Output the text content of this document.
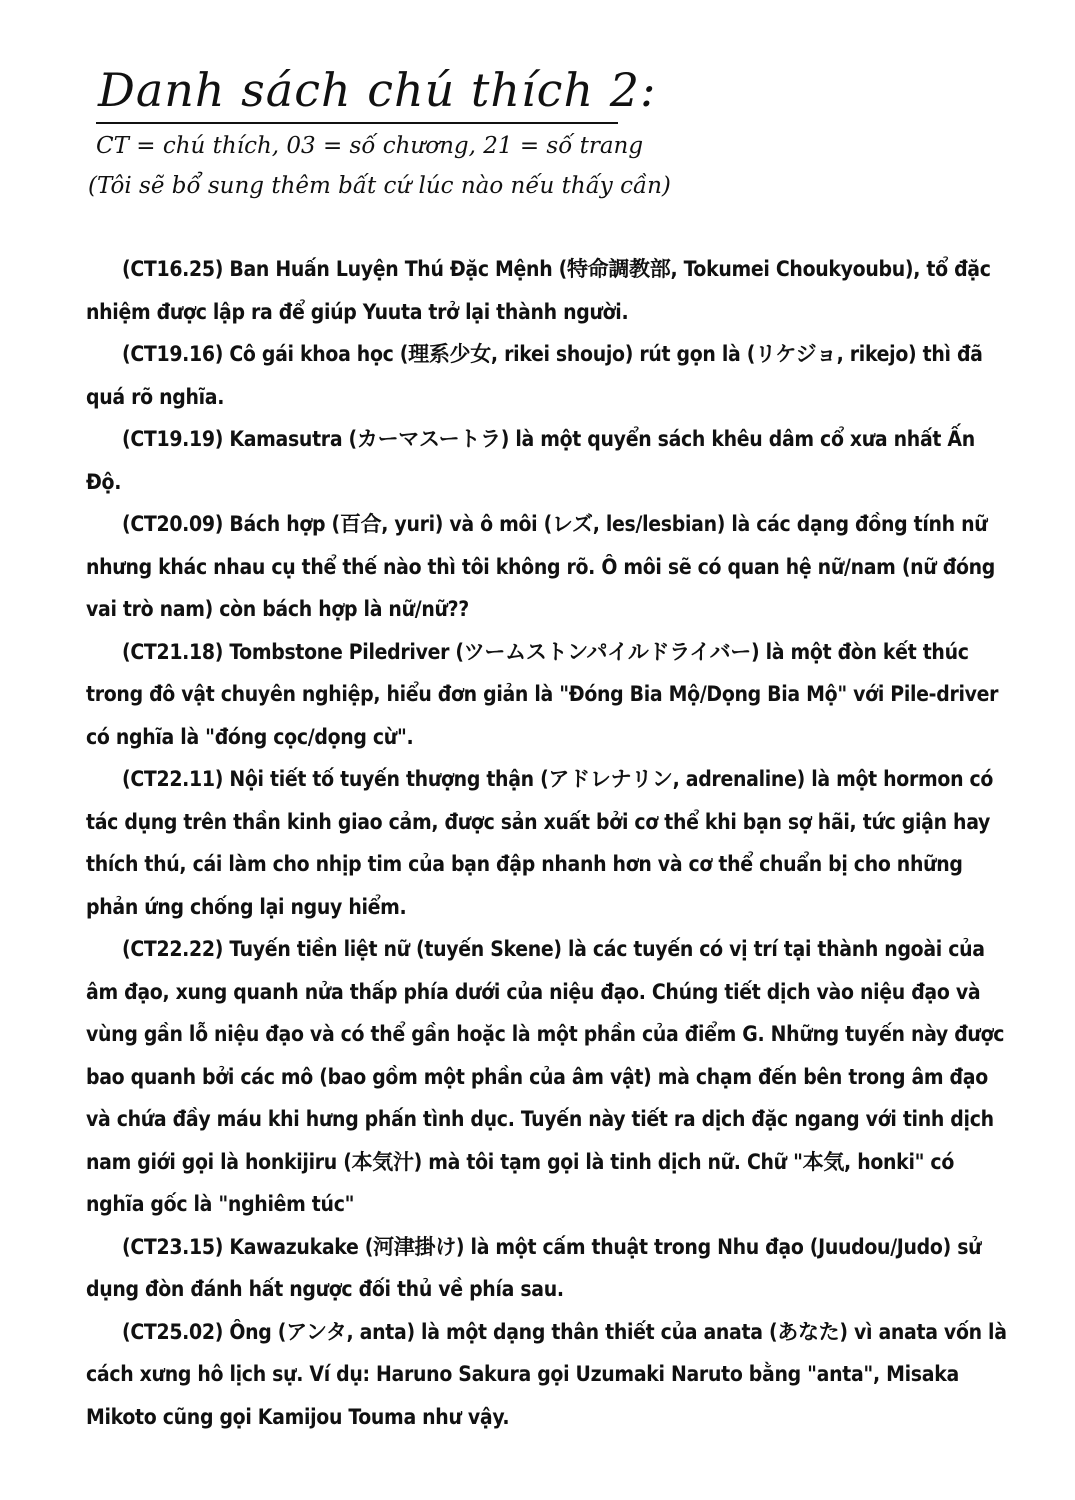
Danh sách chú thích 2:
CT = chú thích, 03 = số chương, 21 = số trang
(Tôi sẽ bổ sung thêm bất cứ lúc nào nếu thấy cần)

(CT16.25) Ban Huấn Luyện Thú Đặc Mệnh (特命調教部, Tokumei Choukyoubu), tổ đặc nhiệm được lập ra để giúp Yuuta trở lại thành người.

(CT19.16) Cô gái khoa học (理系少女, rikei shoujo) rút gọn là (リケジョ, rikejo) thì đã quá rõ nghĩa.

(CT19.19) Kamasutra (カーマスートラ) là một quyển sách khêu dâm cổ xưa nhất Ấn Độ.

(CT20.09) Bách hợp (百合, yuri) và ô môi (レズ, les/lesbian) là các dạng đồng tính nữ nhưng khác nhau cụ thể thế nào thì tôi không rõ. Ô môi sẽ có quan hệ nữ/nam (nữ đóng vai trò nam) còn bách hợp là nữ/nữ??

(CT21.18) Tombstone Piledriver (ツームストンパイルドライバー) là một đòn kết thúc trong đô vật chuyên nghiệp, hiểu đơn giản là "Đóng Bia Mộ/Dọng Bia Mộ" với Pile-driver có nghĩa là "đóng cọc/dọng cừ".

(CT22.11) Nội tiết tố tuyến thượng thận (アドレナリン, adrenaline) là một hormon có tác dụng trên thần kinh giao cảm, được sản xuất bởi cơ thể khi bạn sợ hãi, tức giận hay thích thú, cái làm cho nhịp tim của bạn đập nhanh hơn và cơ thể chuẩn bị cho những phản ứng chống lại nguy hiểm.

(CT22.22) Tuyến tiền liệt nữ (tuyến Skene) là các tuyến có vị trí tại thành ngoài của âm đạo, xung quanh nửa thấp phía dưới của niệu đạo. Chúng tiết dịch vào niệu đạo và vùng gần lỗ niệu đạo và có thể gần hoặc là một phần của điểm G. Những tuyến này được bao quanh bởi các mô (bao gồm một phần của âm vật) mà chạm đến bên trong âm đạo và chứa đầy máu khi hưng phấn tình dục. Tuyến này tiết ra dịch đặc ngang với tinh dịch nam giới gọi là honkijiru (本気汁) mà tôi tạm gọi là tinh dịch nữ. Chữ "本気, honki" có nghĩa gốc là "nghiêm túc"

(CT23.15) Kawazukake (河津掛け) là một cấm thuật trong Nhu đạo (Juudou/Judo) sử dụng đòn đánh hất ngược đối thủ về phía sau.

(CT25.02) Ông (アンタ, anta) là một dạng thân thiết của anata (あなた) vì anata vốn là cách xưng hô lịch sự. Ví dụ: Haruno Sakura gọi Uzumaki Naruto bằng "anta", Misaka Mikoto cũng gọi Kamijou Touma như vậy.
